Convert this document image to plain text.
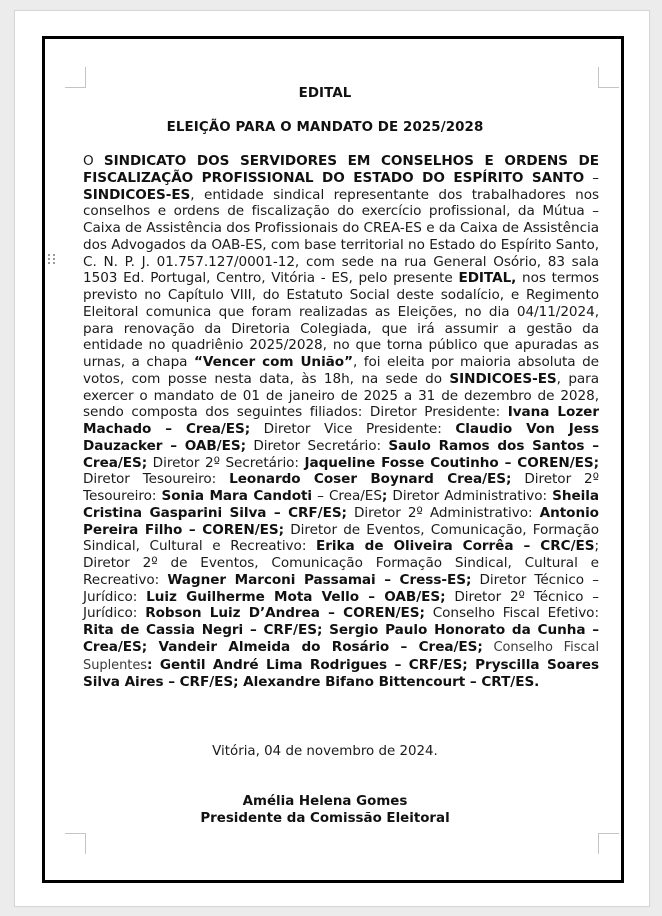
EDITAL
ELEIÇÃO PARA O MANDATO DE 2025/2028
O SINDICATO DOS SERVIDORES EM CONSELHOS E ORDENS DE FISCALIZAÇÃO PROFISSIONAL DO ESTADO DO ESPÍRITO SANTO – SINDICOES-ES, entidade sindical representante dos trabalhadores nos conselhos e ordens de fiscalização do exercício profissional, da Mútua – Caixa de Assistência dos Profissionais do CREA-ES e da Caixa de Assistência dos Advogados da OAB-ES, com base territorial no Estado do Espírito Santo, C. N. P. J. 01.757.127/0001-12, com sede na rua General Osório, 83 sala 1503 Ed. Portugal, Centro, Vitória - ES, pelo presente EDITAL, nos termos previsto no Capítulo VIII, do Estatuto Social deste sodalício, e Regimento Eleitoral comunica que foram realizadas as Eleições, no dia 04/11/2024, para renovação da Diretoria Colegiada, que irá assumir a gestão da entidade no quadriênio 2025/2028, no que torna público que apuradas as urnas, a chapa “Vencer com União”, foi eleita por maioria absoluta de votos, com posse nesta data, às 18h, na sede do SINDICOES-ES, para exercer o mandato de 01 de janeiro de 2025 a 31 de dezembro de 2028, sendo composta dos seguintes filiados: Diretor Presidente: Ivana Lozer Machado – Crea/ES; Diretor Vice Presidente: Claudio Von Jess Dauzacker – OAB/ES; Diretor Secretário: Saulo Ramos dos Santos – Crea/ES; Diretor 2º Secretário: Jaqueline Fosse Coutinho – COREN/ES; Diretor Tesoureiro: Leonardo Coser Boynard Crea/ES; Diretor 2º Tesoureiro: Sonia Mara Candoti – Crea/ES; Diretor Administrativo: Sheila Cristina Gasparini Silva – CRF/ES; Diretor 2º Administrativo: Antonio Pereira Filho – COREN/ES; Diretor de Eventos, Comunicação, Formação Sindical, Cultural e Recreativo: Erika de Oliveira Corrêa – CRC/ES; Diretor 2º de Eventos, Comunicação Formação Sindical, Cultural e Recreativo: Wagner Marconi Passamai – Cress-ES; Diretor Técnico – Jurídico: Luiz Guilherme Mota Vello – OAB/ES; Diretor 2º Técnico – Jurídico: Robson Luiz D’Andrea – COREN/ES; Conselho Fiscal Efetivo: Rita de Cassia Negri – CRF/ES; Sergio Paulo Honorato da Cunha – Crea/ES; Vandeir Almeida do Rosário – Crea/ES; Conselho Fiscal Suplentes: Gentil André Lima Rodrigues – CRF/ES; Pryscilla Soares Silva Aires – CRF/ES; Alexandre Bifano Bittencourt – CRT/ES.
Vitória, 04 de novembro de 2024.
Amélia Helena Gomes
Presidente da Comissão Eleitoral
